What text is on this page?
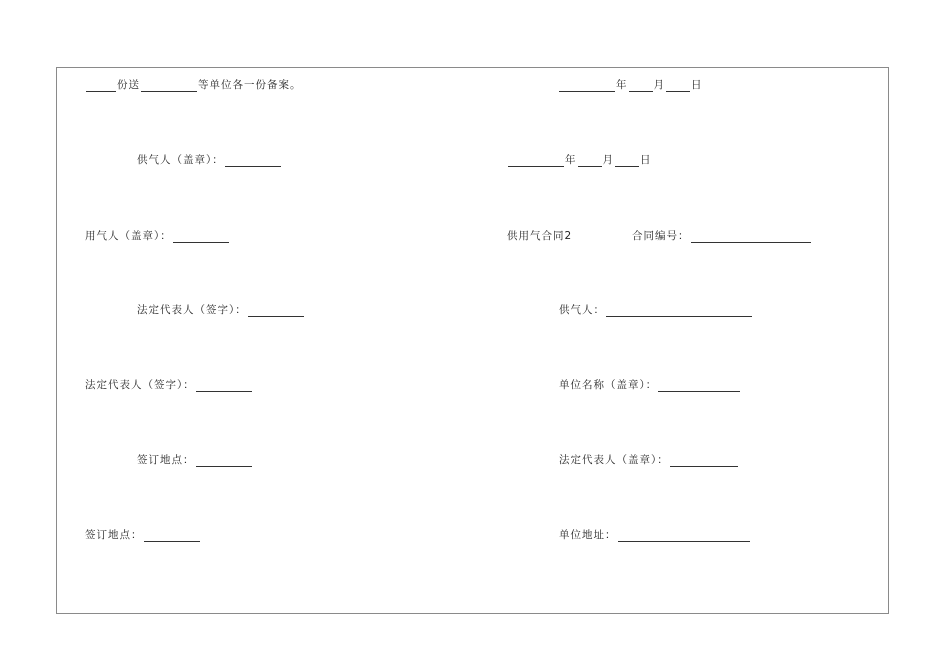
份送	等单位各一份备案。	年 月 日
供气人（盖章）：	年 月 日
用气人（盖章）：	供用气合同2	合同编号：
法定代表人（签字）：	供气人：
法定代表人（签字）：	单位名称（盖章）：
签订地点：	法定代表人（盖章）：
签订地点：	单位地址：
